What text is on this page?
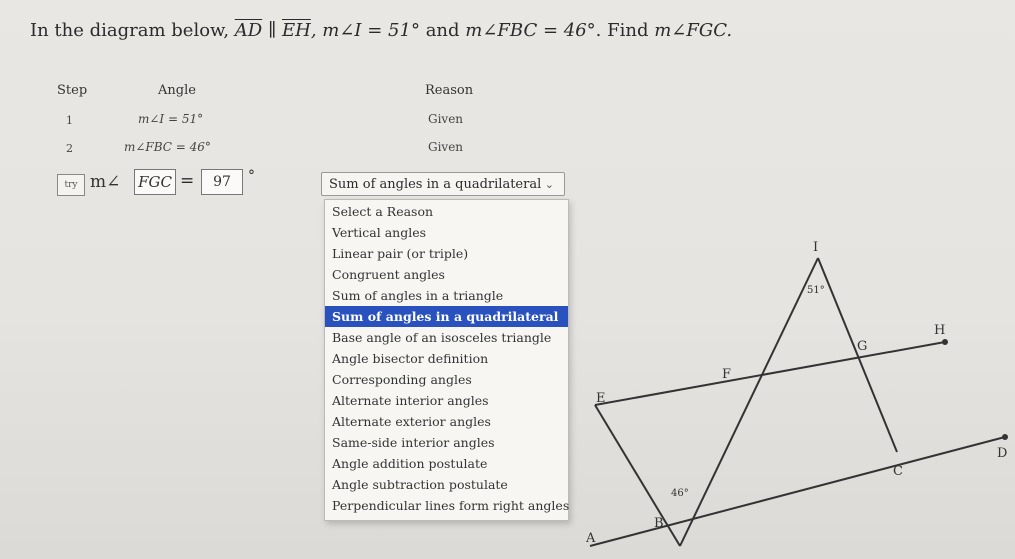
In the diagram below, $\overline{AD}$ ∥ $\overline{EH}$, m∠I = 51° and m∠FBC = 46°. Find m∠FGC.
Step	Angle	Reason
1	m∠I = 51°	Given
2	m∠FBC = 46°	Given
try m∠ FGC =	97	°
Sum of angles in a quadrilateral ⌄
I
51°
H
G
F
E
D
C
46°
B
A
Select a Reason
Vertical angles
Linear pair (or triple)
Congruent angles
Sum of angles in a triangle
Sum of angles in a quadrilateral
Base angle of an isosceles triangle
Angle bisector definition
Corresponding angles
Alternate interior angles
Alternate exterior angles
Same-side interior angles
Angle addition postulate
Angle subtraction postulate
Perpendicular lines form right angles
